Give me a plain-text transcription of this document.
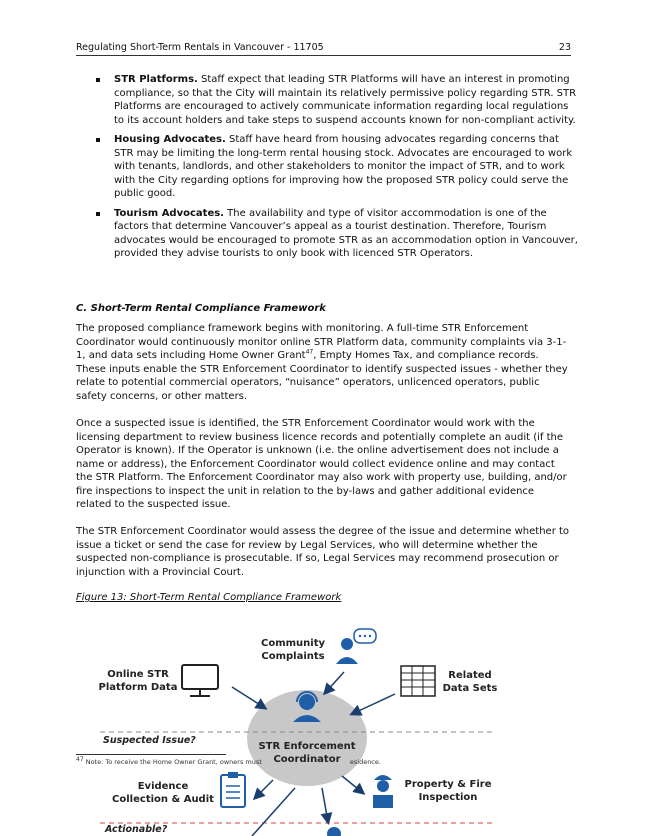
Regulating Short-Term Rentals in Vancouver - 11705	23
STR Platforms. Staff expect that leading STR Platforms will have an interest in promoting compliance, so that the City will maintain its relatively permissive policy regarding STR. STR Platforms are encouraged to actively communicate information regarding local regulations to its account holders and take steps to suspend accounts known for non-compliant activity.
Housing Advocates. Staff have heard from housing advocates regarding concerns that STR may be limiting the long-term rental housing stock. Advocates are encouraged to work with tenants, landlords, and other stakeholders to monitor the impact of STR, and to work with the City regarding options for improving how the proposed STR policy could serve the public good.
Tourism Advocates. The availability and type of visitor accommodation is one of the factors that determine Vancouver’s appeal as a tourist destination. Therefore, Tourism advocates would be encouraged to promote STR as an accommodation option in Vancouver, provided they advise tourists to only book with licenced STR Operators.
C. Short-Term Rental Compliance Framework

The proposed compliance framework begins with monitoring. A full-time STR Enforcement Coordinator would continuously monitor online STR Platform data, community complaints via 3-1-1, and data sets including Home Owner Grant$^{47}$, Empty Homes Tax, and compliance records. These inputs enable the STR Enforcement Coordinator to identify suspected issues - whether they relate to potential commercial operators, “nuisance” operators, unlicenced operators, public safety concerns, or other matters.

Once a suspected issue is identified, the STR Enforcement Coordinator would work with the licensing department to review business licence records and potentially complete an audit (if the Operator is known). If the Operator is unknown (i.e. the online advertisement does not include a name or address), the Enforcement Coordinator would collect evidence online and may contact the STR Platform. The Enforcement Coordinator may also work with property use, building, and/or fire inspections to inspect the unit in relation to the by-laws and gather additional evidence related to the suspected issue.

The STR Enforcement Coordinator would assess the degree of the issue and determine whether to issue a ticket or send the case for review by Legal Services, who will determine whether the suspected non-compliance is prosecutable. If so, Legal Services may recommend prosecution or injunction with a Provincial Court.

Figure 13: Short-Term Rental Compliance Framework
Community
Complaints
Online STR
Platform Data
Related
Data Sets
STR Enforcement
Coordinator
Suspected Issue?
Evidence
Collection & Audit
Property & Fire
Inspection
Actionable?
$^{47}$ Note: To receive the Home Owner Grant, owners must	esidence.
